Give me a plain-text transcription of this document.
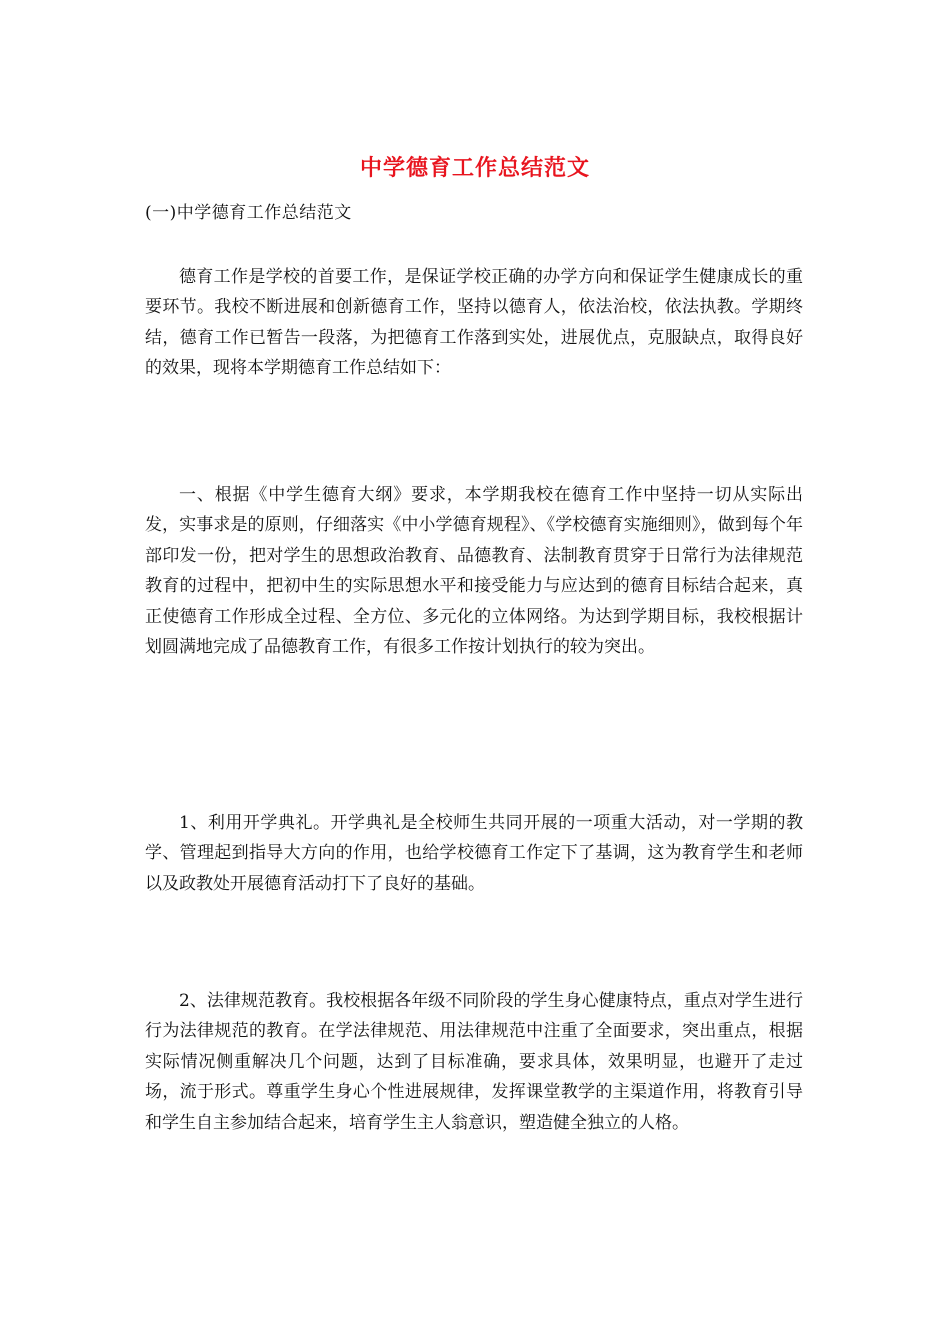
中学德育工作总结范文
(一)中学德育工作总结范文

德育工作是学校的首要工作，是保证学校正确的办学方向和保证学生健康成长的重要环节。我校不断进展和创新德育工作，坚持以德育人，依法治校，依法执教。学期终结，德育工作已暂告一段落，为把德育工作落到实处，进展优点，克服缺点，取得良好的效果，现将本学期德育工作总结如下：

一、根据《中学生德育大纲》要求，本学期我校在德育工作中坚持一切从实际出发，实事求是的原则，仔细落实《中小学德育规程》、《学校德育实施细则》，做到每个年部印发一份，把对学生的思想政治教育、品德教育、法制教育贯穿于日常行为法律规范教育的过程中，把初中生的实际思想水平和接受能力与应达到的德育目标结合起来，真正使德育工作形成全过程、全方位、多元化的立体网络。为达到学期目标，我校根据计划圆满地完成了品德教育工作，有很多工作按计划执行的较为突出。

1、利用开学典礼。开学典礼是全校师生共同开展的一项重大活动，对一学期的教学、管理起到指导大方向的作用，也给学校德育工作定下了基调，这为教育学生和老师以及政教处开展德育活动打下了良好的基础。

2、法律规范教育。我校根据各年级不同阶段的学生身心健康特点，重点对学生进行行为法律规范的教育。在学法律规范、用法律规范中注重了全面要求，突出重点，根据实际情况侧重解决几个问题，达到了目标准确，要求具体，效果明显，也避开了走过场，流于形式。尊重学生身心个性进展规律，发挥课堂教学的主渠道作用，将教育引导和学生自主参加结合起来，培育学生主人翁意识，塑造健全独立的人格。
